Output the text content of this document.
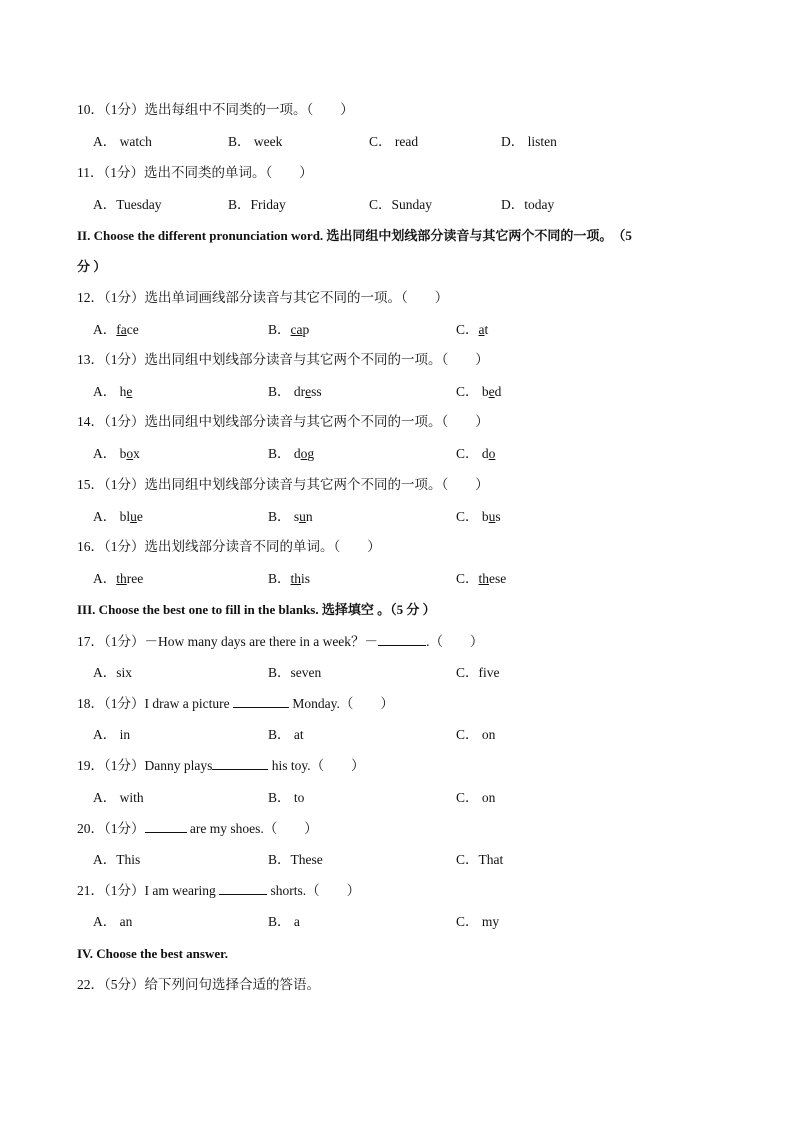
10．（1分）选出每组中不同类的一项。（　　）
A． watch	B． week	C． read	D． listen
11．（1分）选出不同类的单词。（　　）
A．Tuesday	B．Friday	C．Sunday	D．today
II. Choose the different pronunciation word. 选出同组中划线部分读音与其它两个不同的一项。　（5
分 ）
12．（1分）选出单词画线部分读音与其它不同的一项。（　　）
A．face	B．cap	C．at
13．（1分）选出同组中划线部分读音与其它两个不同的一项。（　　）
A． he	B． dress	C． bed
14．（1分）选出同组中划线部分读音与其它两个不同的一项。（　　）
A． box	B． dog	C． do
15．（1分）选出同组中划线部分读音与其它两个不同的一项。（　　）
A． blue	B． sun	C． bus
16．（1分）选出划线部分读音不同的单词。（　　）
A．three	B．this	C．these
III. Choose the best one to fill in the blanks. 选择填空 。（5 分 ）
17．（1分）－How many days are there in a week？－	.（　　）
A．six	B．seven	C．five
18．（1分）I draw a picture	Monday.（　　）
A． in	B． at	C． on
19．（1分）Danny plays	his toy.（　　）
A． with	B． to	C． on
20．（1分）	are my shoes.（　　）
A．This	B．These	C．That
21．（1分）I am wearing	shorts.（　　）
A． an	B． a	C． my
IV. Choose the best answer.
22．（5分）给下列问句选择合适的答语。
